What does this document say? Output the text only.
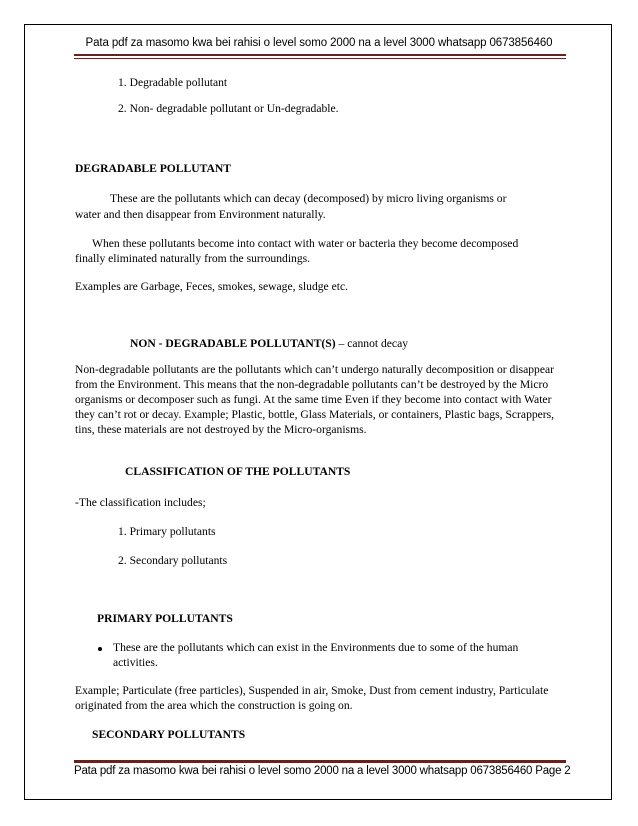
Pata pdf za masomo kwa bei rahisi o level somo 2000 na a level 3000 whatsapp 0673856460
1. Degradable pollutant
2. Non- degradable pollutant or Un-degradable.
DEGRADABLE POLLUTANT
These are the pollutants which can decay (decomposed) by micro living organisms or
water and then disappear from Environment naturally.
When these pollutants become into contact with water or bacteria they become decomposed
finally eliminated naturally from the surroundings.
Examples are Garbage, Feces, smokes, sewage, sludge etc.
NON - DEGRADABLE POLLUTANT(S) – cannot decay
Non-degradable pollutants are the pollutants which can’t undergo naturally decomposition or disappear from the Environment. This means that the non-degradable pollutants can’t be destroyed by the Micro organisms or decomposer such as fungi. At the same time Even if they become into contact with Water they can’t rot or decay. Example; Plastic, bottle, Glass Materials, or containers, Plastic bags, Scrappers, tins, these materials are not destroyed by the Micro-organisms.
CLASSIFICATION OF THE POLLUTANTS
-The classification includes;
1. Primary pollutants
2. Secondary pollutants
PRIMARY POLLUTANTS
These are the pollutants which can exist in the Environments due to some of the human activities.
Example; Particulate (free particles), Suspended in air, Smoke, Dust from cement industry, Particulate originated from the area which the construction is going on.
SECONDARY POLLUTANTS
Pata pdf za masomo kwa bei rahisi o level somo 2000 na a level 3000 whatsapp 0673856460 Page 2
